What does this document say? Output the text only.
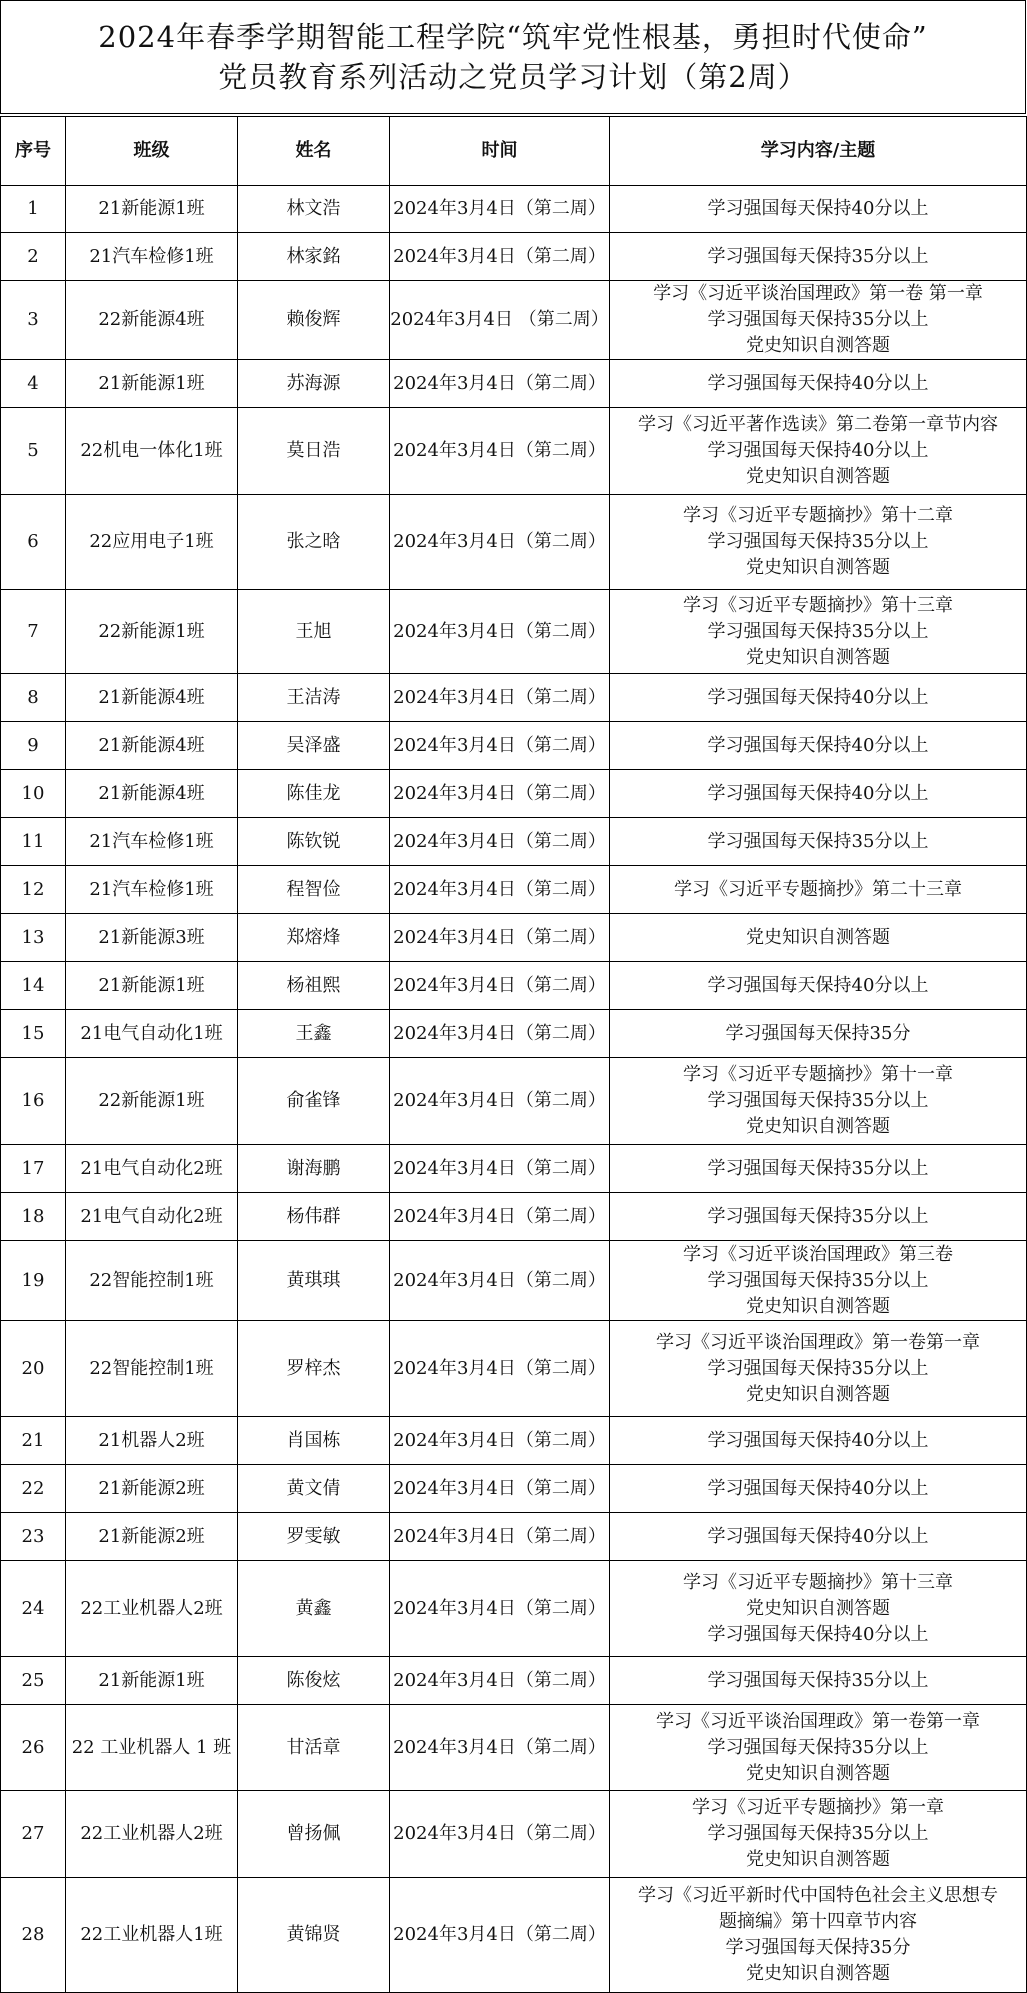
2024年春季学期智能工程学院“筑牢党性根基，勇担时代使命”
党员教育系列活动之党员学习计划（第2周）
序号	班级	姓名	时间	学习内容/主题
1	21新能源1班	林文浩	2024年3月4日（第二周）	学习强国每天保持40分以上

2	21汽车检修1班	林家銘	2024年3月4日（第二周）	学习强国每天保持35分以上

3	22新能源4班	赖俊辉	2024年3月4日 （第二周）	学习《习近平谈治国理政》第一卷 第一章
学习强国每天保持35分以上
党史知识自测答题

4	21新能源1班	苏海源	2024年3月4日（第二周）	学习强国每天保持40分以上

5	22机电一体化1班	莫日浩	2024年3月4日（第二周）	学习《习近平著作选读》第二卷第一章节内容
学习强国每天保持40分以上
党史知识自测答题

6	22应用电子1班	张之晗	2024年3月4日（第二周）	学习《习近平专题摘抄》第十二章
学习强国每天保持35分以上
党史知识自测答题

7	22新能源1班	王旭	2024年3月4日（第二周）	学习《习近平专题摘抄》第十三章
学习强国每天保持35分以上
党史知识自测答题

8	21新能源4班	王洁涛	2024年3月4日（第二周）	学习强国每天保持40分以上

9	21新能源4班	吴泽盛	2024年3月4日（第二周）	学习强国每天保持40分以上

10	21新能源4班	陈佳龙	2024年3月4日（第二周）	学习强国每天保持40分以上

11	21汽车检修1班	陈钦锐	2024年3月4日（第二周）	学习强国每天保持35分以上

12	21汽车检修1班	程智俭	2024年3月4日（第二周）	学习《习近平专题摘抄》第二十三章

13	21新能源3班	郑熔烽	2024年3月4日（第二周）	党史知识自测答题

14	21新能源1班	杨祖熙	2024年3月4日（第二周）	学习强国每天保持40分以上

15	21电气自动化1班	王鑫	2024年3月4日（第二周）	学习强国每天保持35分

16	22新能源1班	俞雀锋	2024年3月4日（第二周）	学习《习近平专题摘抄》第十一章
学习强国每天保持35分以上
党史知识自测答题

17	21电气自动化2班	谢海鹏	2024年3月4日（第二周）	学习强国每天保持35分以上

18	21电气自动化2班	杨伟群	2024年3月4日（第二周）	学习强国每天保持35分以上

19	22智能控制1班	黄琪琪	2024年3月4日（第二周）	学习《习近平谈治国理政》第三卷
学习强国每天保持35分以上
党史知识自测答题

20	22智能控制1班	罗梓杰	2024年3月4日（第二周）	学习《习近平谈治国理政》第一卷第一章
学习强国每天保持35分以上
党史知识自测答题

21	21机器人2班	肖国栋	2024年3月4日（第二周）	学习强国每天保持40分以上

22	21新能源2班	黄文倩	2024年3月4日（第二周）	学习强国每天保持40分以上

23	21新能源2班	罗雯敏	2024年3月4日（第二周）	学习强国每天保持40分以上

24	22工业机器人2班	黄鑫	2024年3月4日（第二周）	学习《习近平专题摘抄》第十三章
党史知识自测答题
学习强国每天保持40分以上

25	21新能源1班	陈俊炫	2024年3月4日（第二周）	学习强国每天保持35分以上

26	22 工业机器人 1 班	甘活章	2024年3月4日（第二周）	学习《习近平谈治国理政》第一卷第一章
学习强国每天保持35分以上
党史知识自测答题

27	22工业机器人2班	曾扬佩	2024年3月4日（第二周）	学习《习近平专题摘抄》第一章
学习强国每天保持35分以上
党史知识自测答题

28	22工业机器人1班	黄锦贤	2024年3月4日（第二周）	学习《习近平新时代中国特色社会主义思想专
题摘编》第十四章节内容
学习强国每天保持35分
党史知识自测答题
